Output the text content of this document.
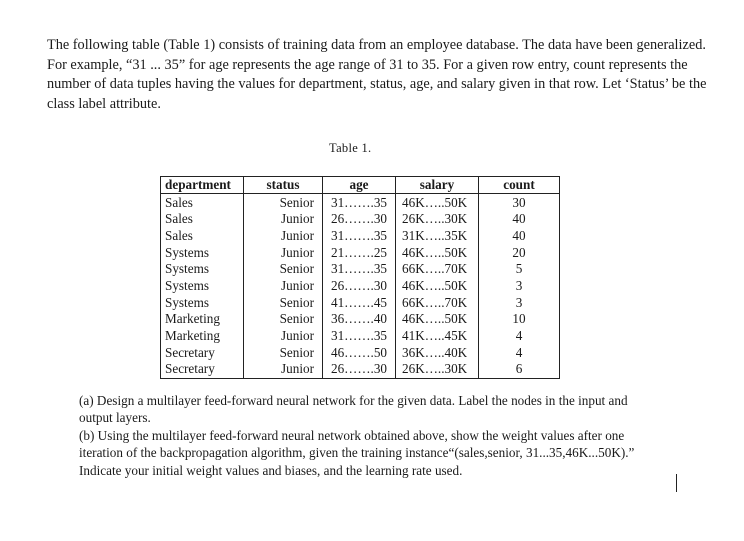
The following table (Table 1) consists of training data from an employee database. The data have been generalized. For example, “31 ... 35” for age represents the age range of 31 to 35. For a given row entry, count represents the number of data tuples having the values for department, status, age, and salary given in that row. Let ‘Status’ be the class label attribute.

Table 1.
department	status	age	salary	count
Sales	Senior	31…….35	46K…..50K	30
Sales	Junior	26…….30	26K…..30K	40
Sales	Junior	31…….35	31K…..35K	40
Systems	Junior	21…….25	46K…..50K	20
Systems	Senior	31…….35	66K…..70K	5
Systems	Junior	26…….30	46K…..50K	3
Systems	Senior	41…….45	66K…..70K	3
Marketing	Senior	36…….40	46K…..50K	10
Marketing	Junior	31…….35	41K…..45K	4
Secretary	Senior	46…….50	36K…..40K	4
Secretary	Junior	26…….30	26K…..30K	6

(a) Design a multilayer feed-forward neural network for the given data. Label the nodes in the input and output layers.

(b) Using the multilayer feed-forward neural network obtained above, show the weight values after one iteration of the backpropagation algorithm, given the training instance“(sales,senior, 31...35,46K...50K).” Indicate your initial weight values and biases, and the learning rate used.
